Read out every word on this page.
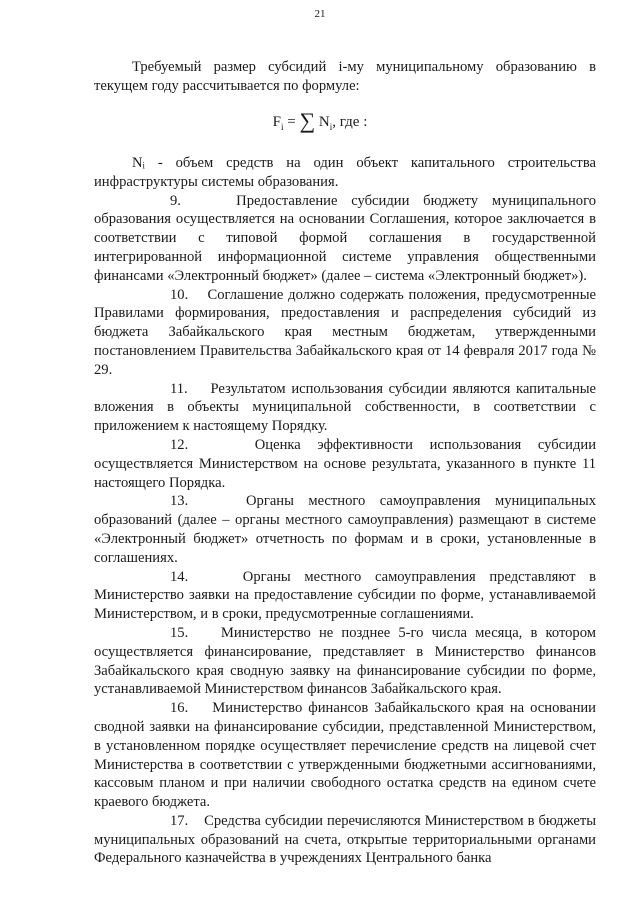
21

Требуемый размер субсидий i-му муниципальному образованию в текущем году рассчитывается по формуле:

$F_i$ = ∑ $N_i$, где :

Nᵢ - объем средств на один объект капитального строительства инфраструктуры системы образования.

9.	Предоставление субсидии бюджету муниципального образования осуществляется на основании Соглашения, которое заключается в соответствии с типовой формой соглашения в государственной интегрированной информационной системе управления общественными финансами «Электронный бюджет» (далее – система «Электронный бюджет»).

10. Соглашение должно содержать положения, предусмотренные Правилами формирования, предоставления и распределения субсидий из бюджета Забайкальского края местным бюджетам, утвержденными постановлением Правительства Забайкальского края от 14 февраля 2017 года № 29.

11. Результатом использования субсидии являются капитальные вложения в объекты муниципальной собственности, в соответствии с приложением к настоящему Порядку.

12.	Оценка эффективности использования субсидии осуществляется Министерством на основе результата, указанного в пункте 11 настоящего Порядка.

13.	Органы местного самоуправления муниципальных образований (далее – органы местного самоуправления) размещают в системе «Электронный бюджет» отчетность по формам и в сроки, установленные в соглашениях.

14.	Органы местного самоуправления представляют в Министерство заявки на предоставление субсидии по форме, устанавливаемой Министерством, и в сроки, предусмотренные соглашениями.

15. Министерство не позднее 5-го числа месяца, в котором осуществляется финансирование, представляет в Министерство финансов Забайкальского края сводную заявку на финансирование субсидии по форме, устанавливаемой Министерством финансов Забайкальского края.

16. Министерство финансов Забайкальского края на основании сводной заявки на финансирование субсидии, представленной Министерством, в установленном порядке осуществляет перечисление средств на лицевой счет Министерства в соответствии с утвержденными бюджетными ассигнованиями, кассовым планом и при наличии свободного остатка средств на едином счете краевого бюджета.

17. Средства субсидии перечисляются Министерством в бюджеты муниципальных образований на счета, открытые территориальными органами Федерального казначейства в учреждениях Центрального банка
